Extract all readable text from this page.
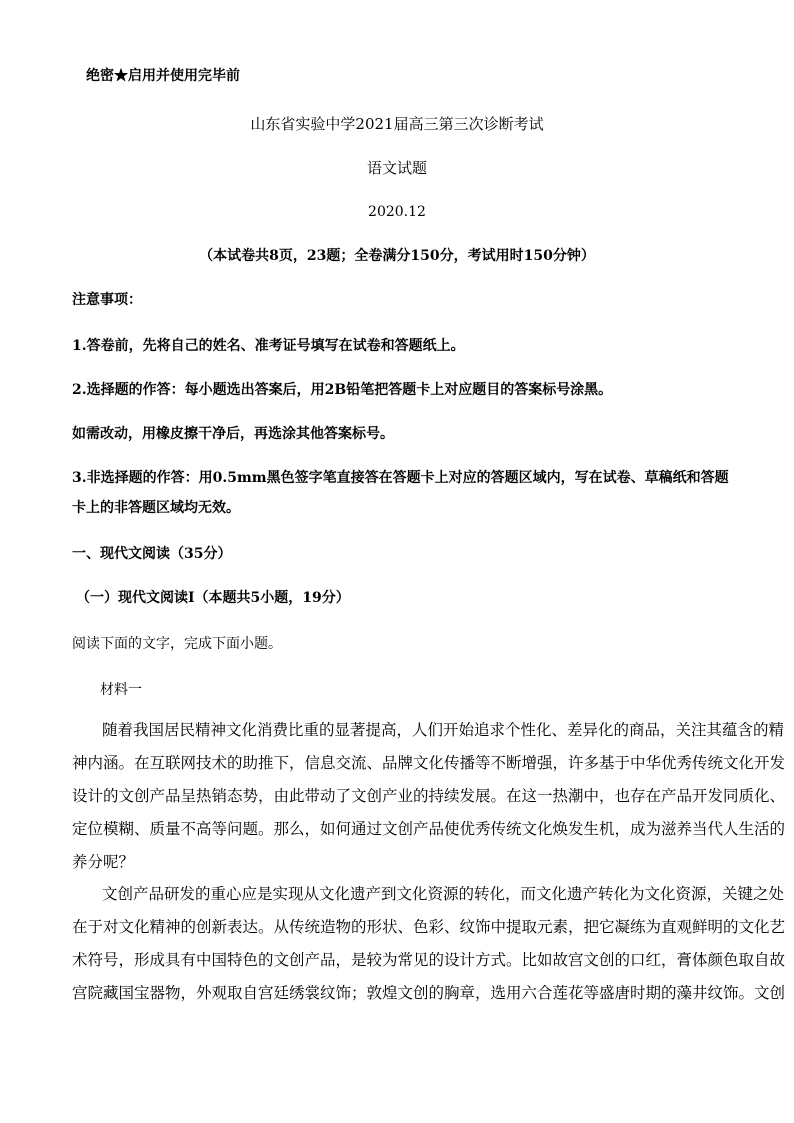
绝密★启用并使用完毕前
山东省实验中学2021届高三第三次诊断考试
语文试题
2020.12
（本试卷共8页，23题；全卷满分150分，考试用时150分钟）
注意事项：
1.答卷前，先将自己的姓名、准考证号填写在试卷和答题纸上。
2.选择题的作答：每小题选出答案后，用2B铅笔把答题卡上对应题目的答案标号涂黑。
如需改动，用橡皮擦干净后，再选涂其他答案标号。
3.非选择题的作答：用0.5mm黑色签字笔直接答在答题卡上对应的答题区域内，写在试卷、草稿纸和答题
卡上的非答题区域均无效。
一、现代文阅读（35分）
（一）现代文阅读Ⅰ（本题共5小题，19分）
阅读下面的文字，完成下面小题。
材料一
随着我国居民精神文化消费比重的显著提高，人们开始追求个性化、差异化的商品，关注其蕴含的精
神内涵。在互联网技术的助推下，信息交流、品牌文化传播等不断增强，许多基于中华优秀传统文化开发
设计的文创产品呈热销态势，由此带动了文创产业的持续发展。在这一热潮中，也存在产品开发同质化、
定位模糊、质量不高等问题。那么，如何通过文创产品使优秀传统文化焕发生机，成为滋养当代人生活的
养分呢？
文创产品研发的重心应是实现从文化遗产到文化资源的转化，而文化遗产转化为文化资源，关键之处
在于对文化精神的创新表达。从传统造物的形状、色彩、纹饰中提取元素，把它凝练为直观鲜明的文化艺
术符号，形成具有中国特色的文创产品，是较为常见的设计方式。比如故宫文创的口红，膏体颜色取自故
宫院藏国宝器物，外观取自宫廷绣裳纹饰；敦煌文创的胸章，选用六合莲花等盛唐时期的藻井纹饰。文创
